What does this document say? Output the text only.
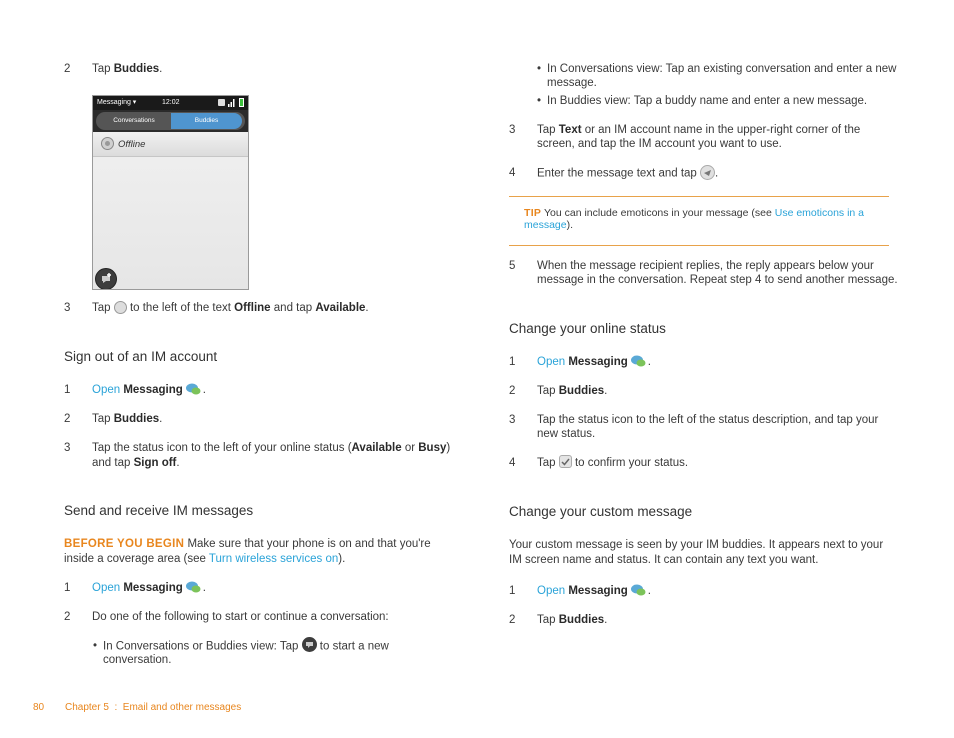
2	Tap Buddies.
Messaging ▾	12:02
Conversations	Buddies
Offline
3	Tap  to the left of the text Offline and tap Available.
Sign out of an IM account
1	Open Messaging .
2	Tap Buddies.
3	Tap the status icon to the left of your online status (Available or Busy)
and tap Sign off.
Send and receive IM messages
BEFORE YOU BEGIN Make sure that your phone is on and that you're
inside a coverage area (see Turn wireless services on).
1	Open Messaging .
2	Do one of the following to start or continue a conversation:
• In Conversations or Buddies view: Tap  to start a new
conversation.
80 Chapter 5  :  Email and other messages
• In Conversations view: Tap an existing conversation and enter a new
message.
• In Buddies view: Tap a buddy name and enter a new message.
3	Tap Text or an IM account name in the upper-right corner of the
screen, and tap the IM account you want to use.
4	Enter the message text and tap .
TIP You can include emoticons in your message (see Use emoticons in a
message).
5	When the message recipient replies, the reply appears below your
message in the conversation. Repeat step 4 to send another message.
Change your online status
1	Open Messaging .
2	Tap Buddies.
3	Tap the status icon to the left of the status description, and tap your
new status.
4	Tap  to confirm your status.
Change your custom message
Your custom message is seen by your IM buddies. It appears next to your
IM screen name and status. It can contain any text you want.
1	Open Messaging .
2	Tap Buddies.
